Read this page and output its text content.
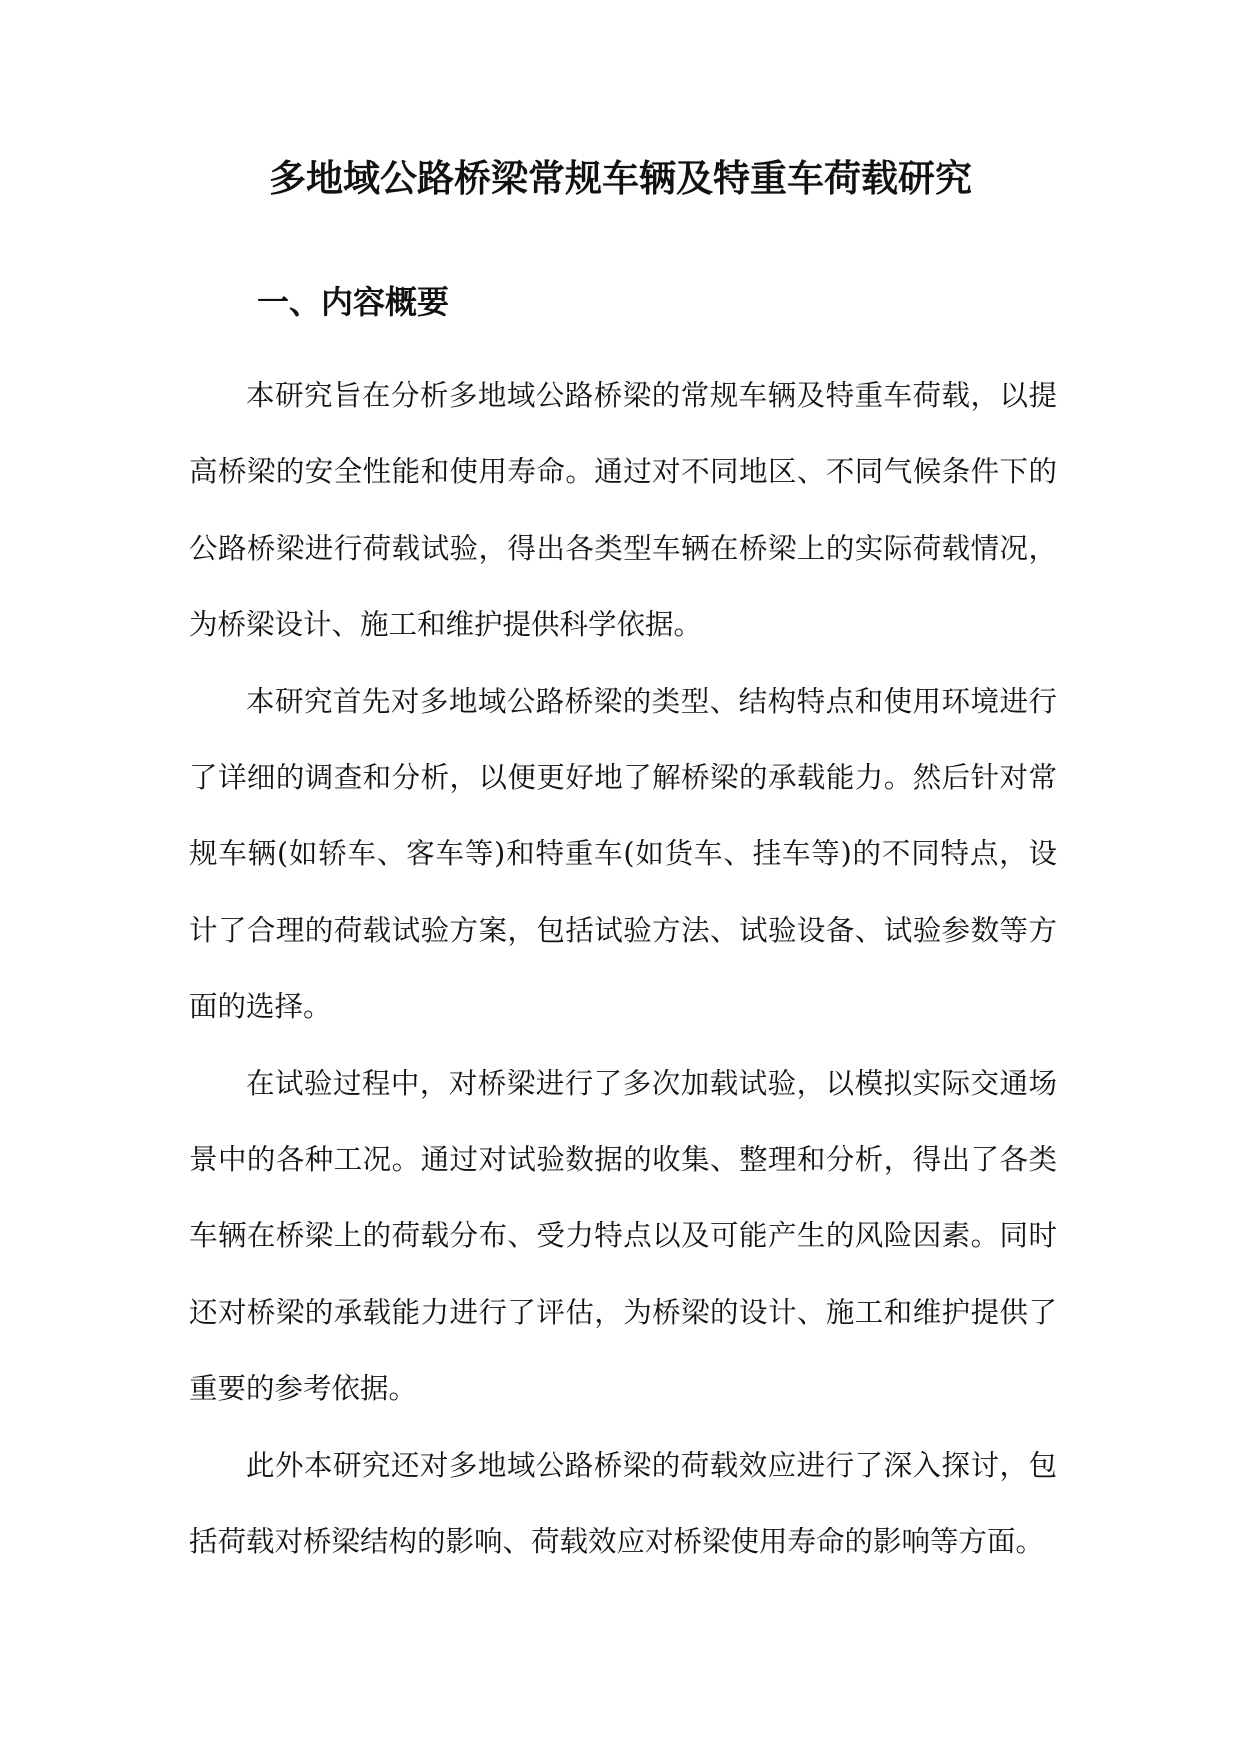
多地域公路桥梁常规车辆及特重车荷载研究
一、内容概要

本研究旨在分析多地域公路桥梁的常规车辆及特重车荷载，以提高桥梁的安全性能和使用寿命。通过对不同地区、不同气候条件下的公路桥梁进行荷载试验，得出各类型车辆在桥梁上的实际荷载情况，为桥梁设计、施工和维护提供科学依据。

本研究首先对多地域公路桥梁的类型、结构特点和使用环境进行了详细的调查和分析，以便更好地了解桥梁的承载能力。然后针对常规车辆(如轿车、客车等)和特重车(如货车、挂车等)的不同特点，设计了合理的荷载试验方案，包括试验方法、试验设备、试验参数等方面的选择。

在试验过程中，对桥梁进行了多次加载试验，以模拟实际交通场景中的各种工况。通过对试验数据的收集、整理和分析，得出了各类车辆在桥梁上的荷载分布、受力特点以及可能产生的风险因素。同时还对桥梁的承载能力进行了评估，为桥梁的设计、施工和维护提供了重要的参考依据。

此外本研究还对多地域公路桥梁的荷载效应进行了深入探讨，包括荷载对桥梁结构的影响、荷载效应对桥梁使用寿命的影响等方面。
